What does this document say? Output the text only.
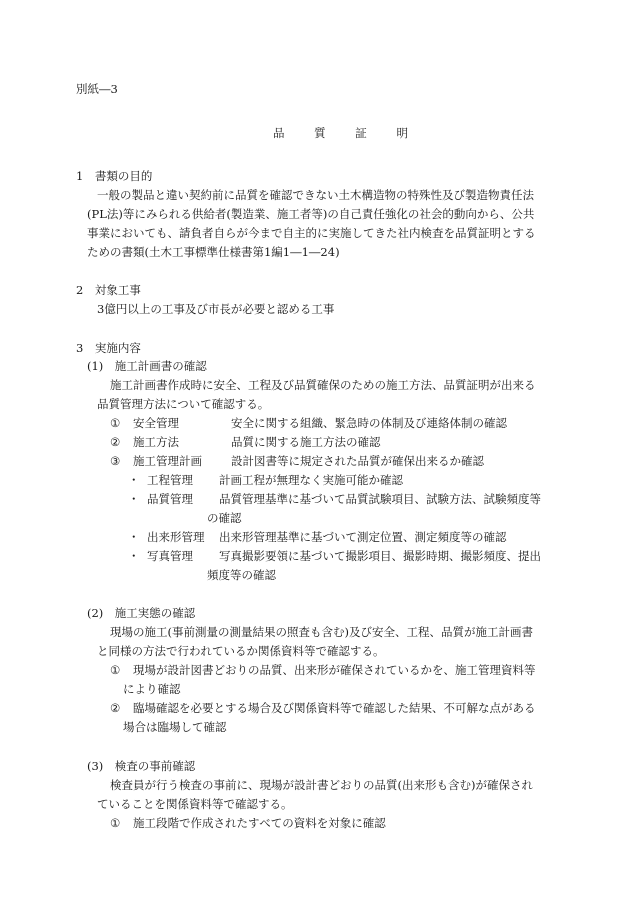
別紙―3
品 質 証 明
1　書類の目的
一般の製品と違い契約前に品質を確認できない土木構造物の特殊性及び製造物責任法
(PL法)等にみられる供給者(製造業、施工者等)の自己責任強化の社会的動向から、公共
事業においても、請負者自らが今まで自主的に実施してきた社内検査を品質証明とする
ための書類(土木工事標準仕様書第1編1―1―24)
2　対象工事
3億円以上の工事及び市長が必要と認める工事
3　実施内容
(1)　施工計画書の確認
施工計画書作成時に安全、工程及び品質確保のための施工方法、品質証明が出来る
品質管理方法について確認する。
① 安全管理	安全に関する組織、緊急時の体制及び連絡体制の確認
② 施工方法	品質に関する施工方法の確認
③ 施工管理計画	設計図書等に規定された品質が確保出来るか確認
・ 工程管理 計画工程が無理なく実施可能か確認
・ 品質管理 品質管理基準に基づいて品質試験項目、試験方法、試験頻度等
の確認
・ 出来形管理 出来形管理基準に基づいて測定位置、測定頻度等の確認
・ 写真管理 写真撮影要領に基づいて撮影項目、撮影時期、撮影頻度、提出
頻度等の確認
(2)　施工実態の確認
現場の施工(事前測量の測量結果の照査も含む)及び安全、工程、品質が施工計画書
と同様の方法で行われているか関係資料等で確認する。
① 現場が設計図書どおりの品質、出来形が確保されているかを、施工管理資料等
により確認
② 臨場確認を必要とする場合及び関係資料等で確認した結果、不可解な点がある
場合は臨場して確認
(3)　検査の事前確認
検査員が行う検査の事前に、現場が設計書どおりの品質(出来形も含む)が確保され
ていることを関係資料等で確認する。
① 施工段階で作成されたすべての資料を対象に確認
